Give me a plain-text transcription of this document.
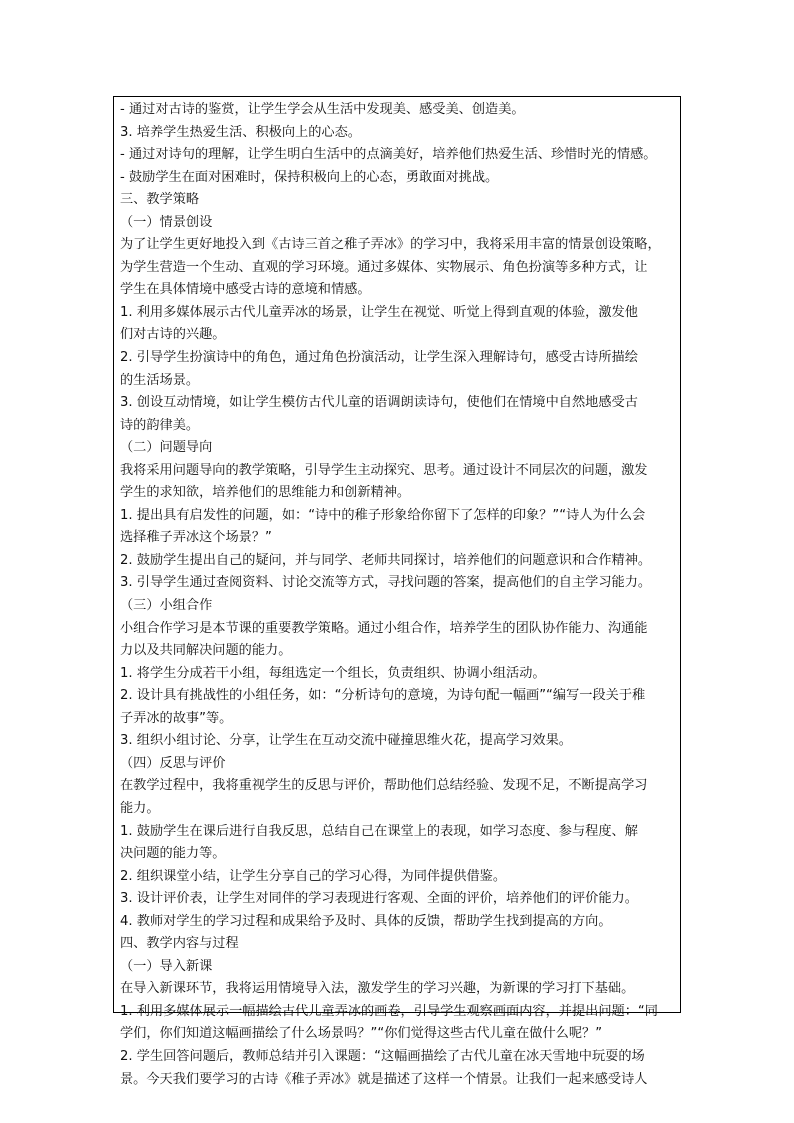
- 通过对古诗的鉴赏，让学生学会从生活中发现美、感受美、创造美。
3. 培养学生热爱生活、积极向上的心态。
- 通过对诗句的理解，让学生明白生活中的点滴美好，培养他们热爱生活、珍惜时光的情感。
- 鼓励学生在面对困难时，保持积极向上的心态，勇敢面对挑战。
三、教学策略
（一）情景创设
为了让学生更好地投入到《古诗三首之稚子弄冰》的学习中，我将采用丰富的情景创设策略，
为学生营造一个生动、直观的学习环境。通过多媒体、实物展示、角色扮演等多种方式，让
学生在具体情境中感受古诗的意境和情感。
1. 利用多媒体展示古代儿童弄冰的场景，让学生在视觉、听觉上得到直观的体验，激发他
们对古诗的兴趣。
2. 引导学生扮演诗中的角色，通过角色扮演活动，让学生深入理解诗句，感受古诗所描绘
的生活场景。
3. 创设互动情境，如让学生模仿古代儿童的语调朗读诗句，使他们在情境中自然地感受古
诗的韵律美。
（二）问题导向
我将采用问题导向的教学策略，引导学生主动探究、思考。通过设计不同层次的问题，激发
学生的求知欲，培养他们的思维能力和创新精神。
1. 提出具有启发性的问题，如：“诗中的稚子形象给你留下了怎样的印象？”“诗人为什么会
选择稚子弄冰这个场景？”
2. 鼓励学生提出自己的疑问，并与同学、老师共同探讨，培养他们的问题意识和合作精神。
3. 引导学生通过查阅资料、讨论交流等方式，寻找问题的答案，提高他们的自主学习能力。
（三）小组合作
小组合作学习是本节课的重要教学策略。通过小组合作，培养学生的团队协作能力、沟通能
力以及共同解决问题的能力。
1. 将学生分成若干小组，每组选定一个组长，负责组织、协调小组活动。
2. 设计具有挑战性的小组任务，如：“分析诗句的意境，为诗句配一幅画”“编写一段关于稚
子弄冰的故事”等。
3. 组织小组讨论、分享，让学生在互动交流中碰撞思维火花，提高学习效果。
（四）反思与评价
在教学过程中，我将重视学生的反思与评价，帮助他们总结经验、发现不足，不断提高学习
能力。
1. 鼓励学生在课后进行自我反思，总结自己在课堂上的表现，如学习态度、参与程度、解
决问题的能力等。
2. 组织课堂小结，让学生分享自己的学习心得，为同伴提供借鉴。
3. 设计评价表，让学生对同伴的学习表现进行客观、全面的评价，培养他们的评价能力。
4. 教师对学生的学习过程和成果给予及时、具体的反馈，帮助学生找到提高的方向。
四、教学内容与过程
（一）导入新课
在导入新课环节，我将运用情境导入法，激发学生的学习兴趣，为新课的学习打下基础。
1. 利用多媒体展示一幅描绘古代儿童弄冰的画卷，引导学生观察画面内容，并提出问题：“同
学们，你们知道这幅画描绘了什么场景吗？”“你们觉得这些古代儿童在做什么呢？”
2. 学生回答问题后，教师总结并引入课题：“这幅画描绘了古代儿童在冰天雪地中玩耍的场
景。今天我们要学习的古诗《稚子弄冰》就是描述了这样一个情景。让我们一起来感受诗人
